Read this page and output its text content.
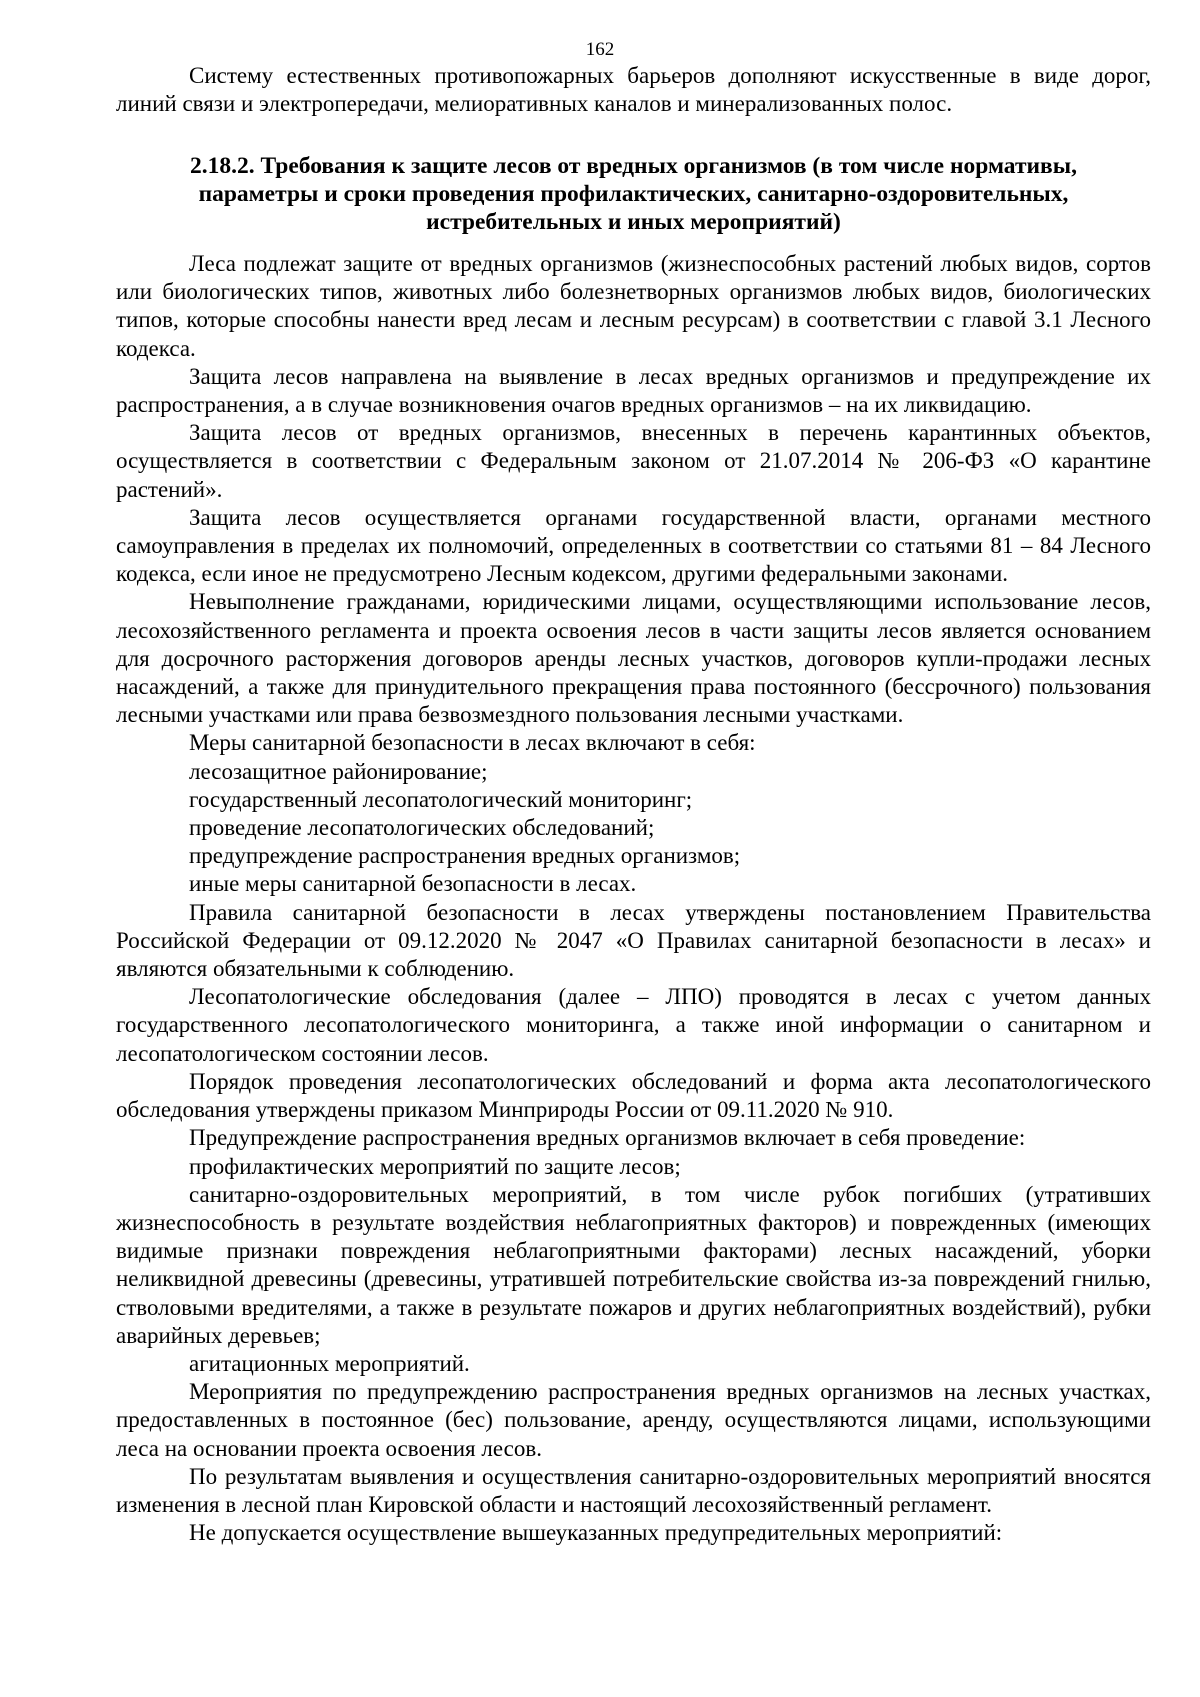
162

Систему естественных противопожарных барьеров дополняют искусственные в виде дорог, линий связи и электропередачи, мелиоративных каналов и минерализованных полос.

2.18.2. Требования к защите лесов от вредных организмов (в том числе нормативы,
параметры и сроки проведения профилактических, санитарно-оздоровительных,
истребительных и иных мероприятий)

Леса подлежат защите от вредных организмов (жизнеспособных растений любых видов, сортов или биологических типов, животных либо болезнетворных организмов любых видов, биологических типов, которые способны нанести вред лесам и лесным ресурсам) в соответствии с главой 3.1 Лесного кодекса.

Защита лесов направлена на выявление в лесах вредных организмов и предупреждение их распространения, а в случае возникновения очагов вредных организмов – на их ликвидацию.

Защита лесов от вредных организмов, внесенных в перечень карантинных объектов, осуществляется в соответствии с Федеральным законом от 21.07.2014 № 206-ФЗ «О карантине растений».

Защита лесов осуществляется органами государственной власти, органами местного самоуправления в пределах их полномочий, определенных в соответствии со статьями 81 – 84 Лесного кодекса, если иное не предусмотрено Лесным кодексом, другими федеральными законами.

Невыполнение гражданами, юридическими лицами, осуществляющими использование лесов, лесохозяйственного регламента и проекта освоения лесов в части защиты лесов является основанием для досрочного расторжения договоров аренды лесных участков, договоров купли-продажи лесных насаждений, а также для принудительного прекращения права постоянного (бессрочного) пользования лесными участками или права безвозмездного пользования лесными участками.

Меры санитарной безопасности в лесах включают в себя:

лесозащитное районирование;

государственный лесопатологический мониторинг;

проведение лесопатологических обследований;

предупреждение распространения вредных организмов;

иные меры санитарной безопасности в лесах.

Правила санитарной безопасности в лесах утверждены постановлением Правительства Российской Федерации от 09.12.2020 № 2047 «О Правилах санитарной безопасности в лесах» и являются обязательными к соблюдению.

Лесопатологические обследования (далее – ЛПО) проводятся в лесах с учетом данных государственного лесопатологического мониторинга, а также иной информации о санитарном и лесопатологическом состоянии лесов.

Порядок проведения лесопатологических обследований и форма акта лесопатологического обследования утверждены приказом Минприроды России от 09.11.2020 № 910.

Предупреждение распространения вредных организмов включает в себя проведение:

профилактических мероприятий по защите лесов;

санитарно-оздоровительных мероприятий, в том числе рубок погибших (утративших жизнеспособность в результате воздействия неблагоприятных факторов) и поврежденных (имеющих видимые признаки повреждения неблагоприятными факторами) лесных насаждений, уборки неликвидной древесины (древесины, утратившей потребительские свойства из-за повреждений гнилью, стволовыми вредителями, а также в результате пожаров и других неблагоприятных воздействий), рубки аварийных деревьев;

агитационных мероприятий.

Мероприятия по предупреждению распространения вредных организмов на лесных участках, предоставленных в постоянное (бес) пользование, аренду, осуществляются лицами, использующими леса на основании проекта освоения лесов.

По результатам выявления и осуществления санитарно-оздоровительных мероприятий вносятся изменения в лесной план Кировской области и настоящий лесохозяйственный регламент.

Не допускается осуществление вышеуказанных предупредительных мероприятий:
